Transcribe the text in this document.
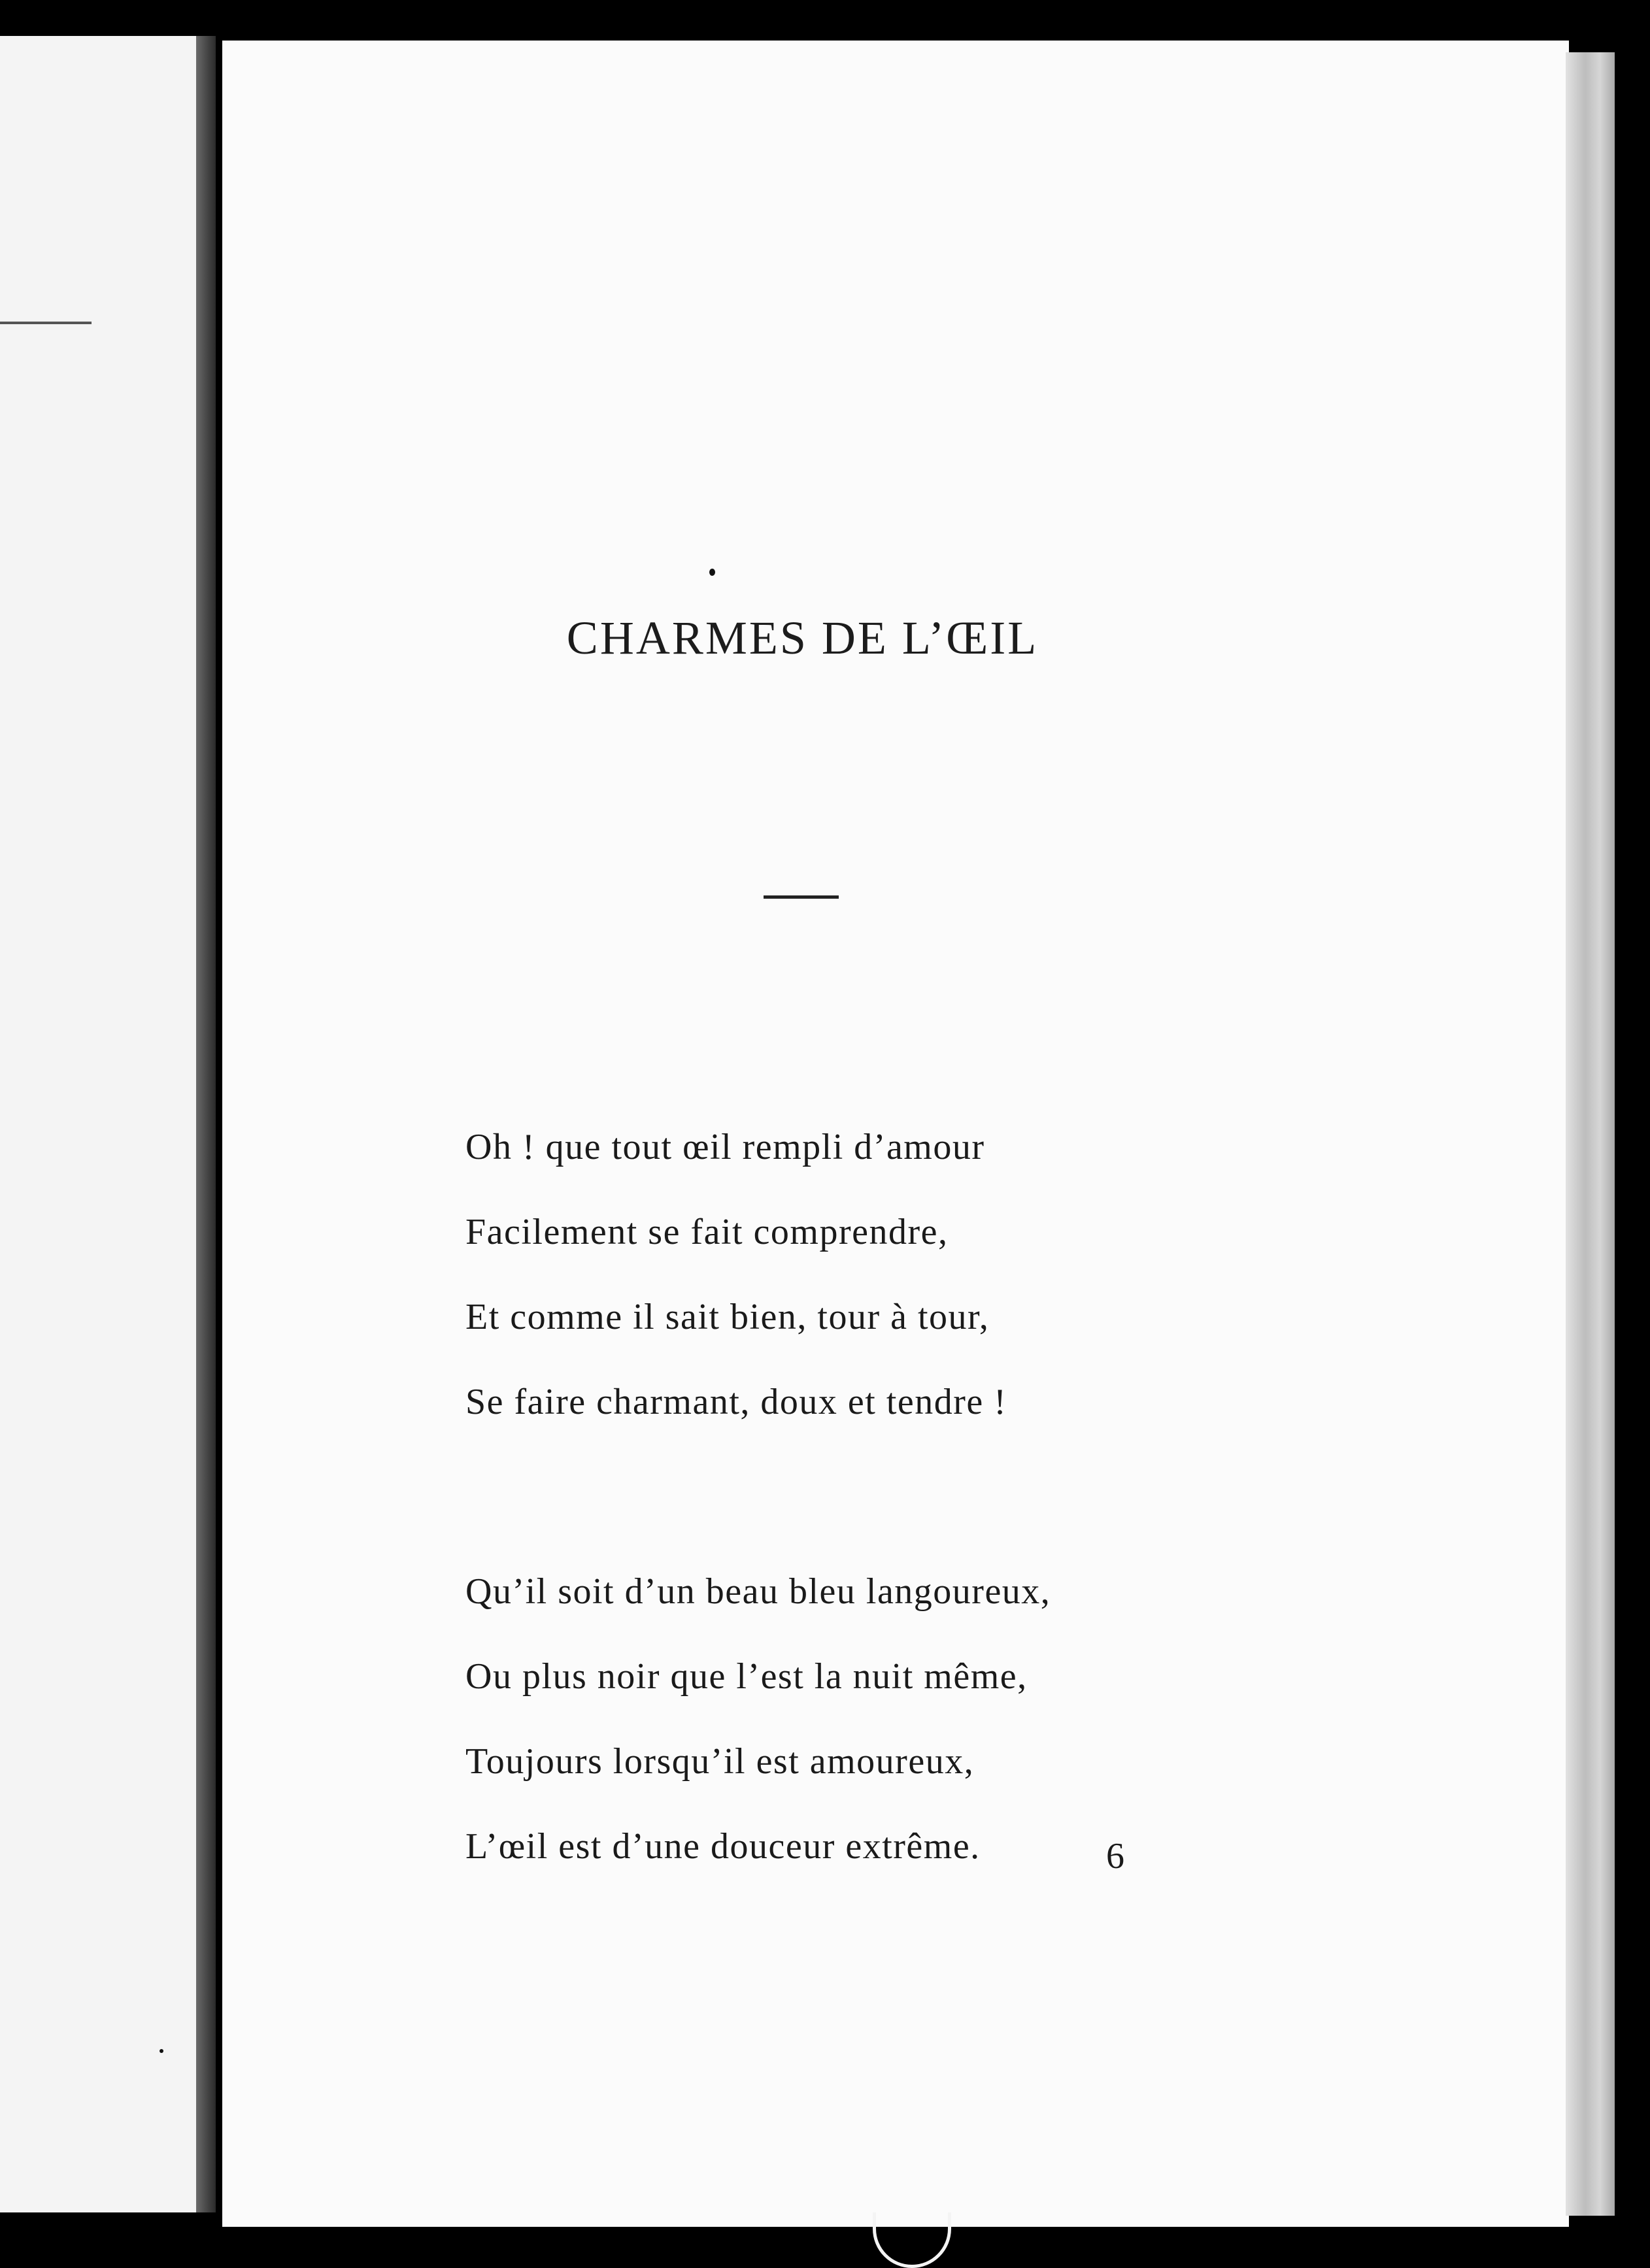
CHARMES DE L’ŒIL
Oh ! que tout œil rempli d’amour
Facilement se fait comprendre,
Et comme il sait bien, tour à tour,
Se faire charmant, doux et tendre !
Qu’il soit d’un beau bleu langoureux,
Ou plus noir que l’est la nuit même,
Toujours lorsqu’il est amoureux,
L’œil est d’une douceur extrême.	6
